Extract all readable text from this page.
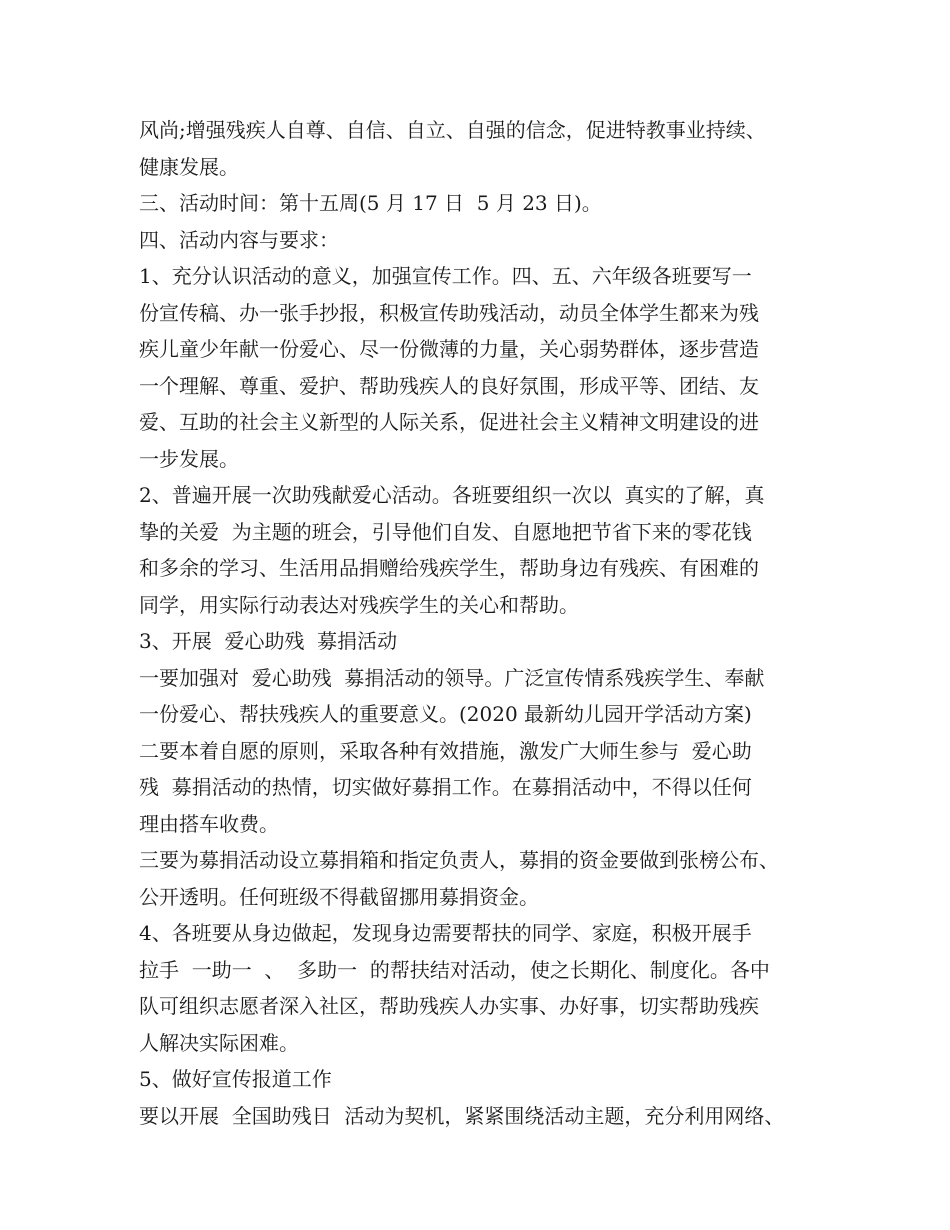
风尚;增强残疾人自尊、自信、自立、自强的信念，促进特教事业持续、
健康发展。
三、活动时间：第十五周(5 月 17 日  5 月 23 日)。
四、活动内容与要求：
1、充分认识活动的意义，加强宣传工作。四、五、六年级各班要写一
份宣传稿、办一张手抄报，积极宣传助残活动，动员全体学生都来为残
疾儿童少年献一份爱心、尽一份微薄的力量，关心弱势群体，逐步营造
一个理解、尊重、爱护、帮助残疾人的良好氛围，形成平等、团结、友
爱、互助的社会主义新型的人际关系，促进社会主义精神文明建设的进
一步发展。
2、普遍开展一次助残献爱心活动。各班要组织一次以  真实的了解，真
挚的关爱  为主题的班会，引导他们自发、自愿地把节省下来的零花钱
和多余的学习、生活用品捐赠给残疾学生，帮助身边有残疾、有困难的
同学，用实际行动表达对残疾学生的关心和帮助。
3、开展  爱心助残  募捐活动
一要加强对  爱心助残  募捐活动的领导。广泛宣传情系残疾学生、奉献
一份爱心、帮扶残疾人的重要意义。(2020 最新幼儿园开学活动方案)
二要本着自愿的原则，采取各种有效措施，激发广大师生参与  爱心助
残  募捐活动的热情，切实做好募捐工作。在募捐活动中，不得以任何
理由搭车收费。
三要为募捐活动设立募捐箱和指定负责人，募捐的资金要做到张榜公布、
公开透明。任何班级不得截留挪用募捐资金。
4、各班要从身边做起，发现身边需要帮扶的同学、家庭，积极开展手
拉手  一助一  、  多助一  的帮扶结对活动，使之长期化、制度化。各中
队可组织志愿者深入社区，帮助残疾人办实事、办好事，切实帮助残疾
人解决实际困难。
5、做好宣传报道工作
要以开展  全国助残日  活动为契机，紧紧围绕活动主题，充分利用网络、
